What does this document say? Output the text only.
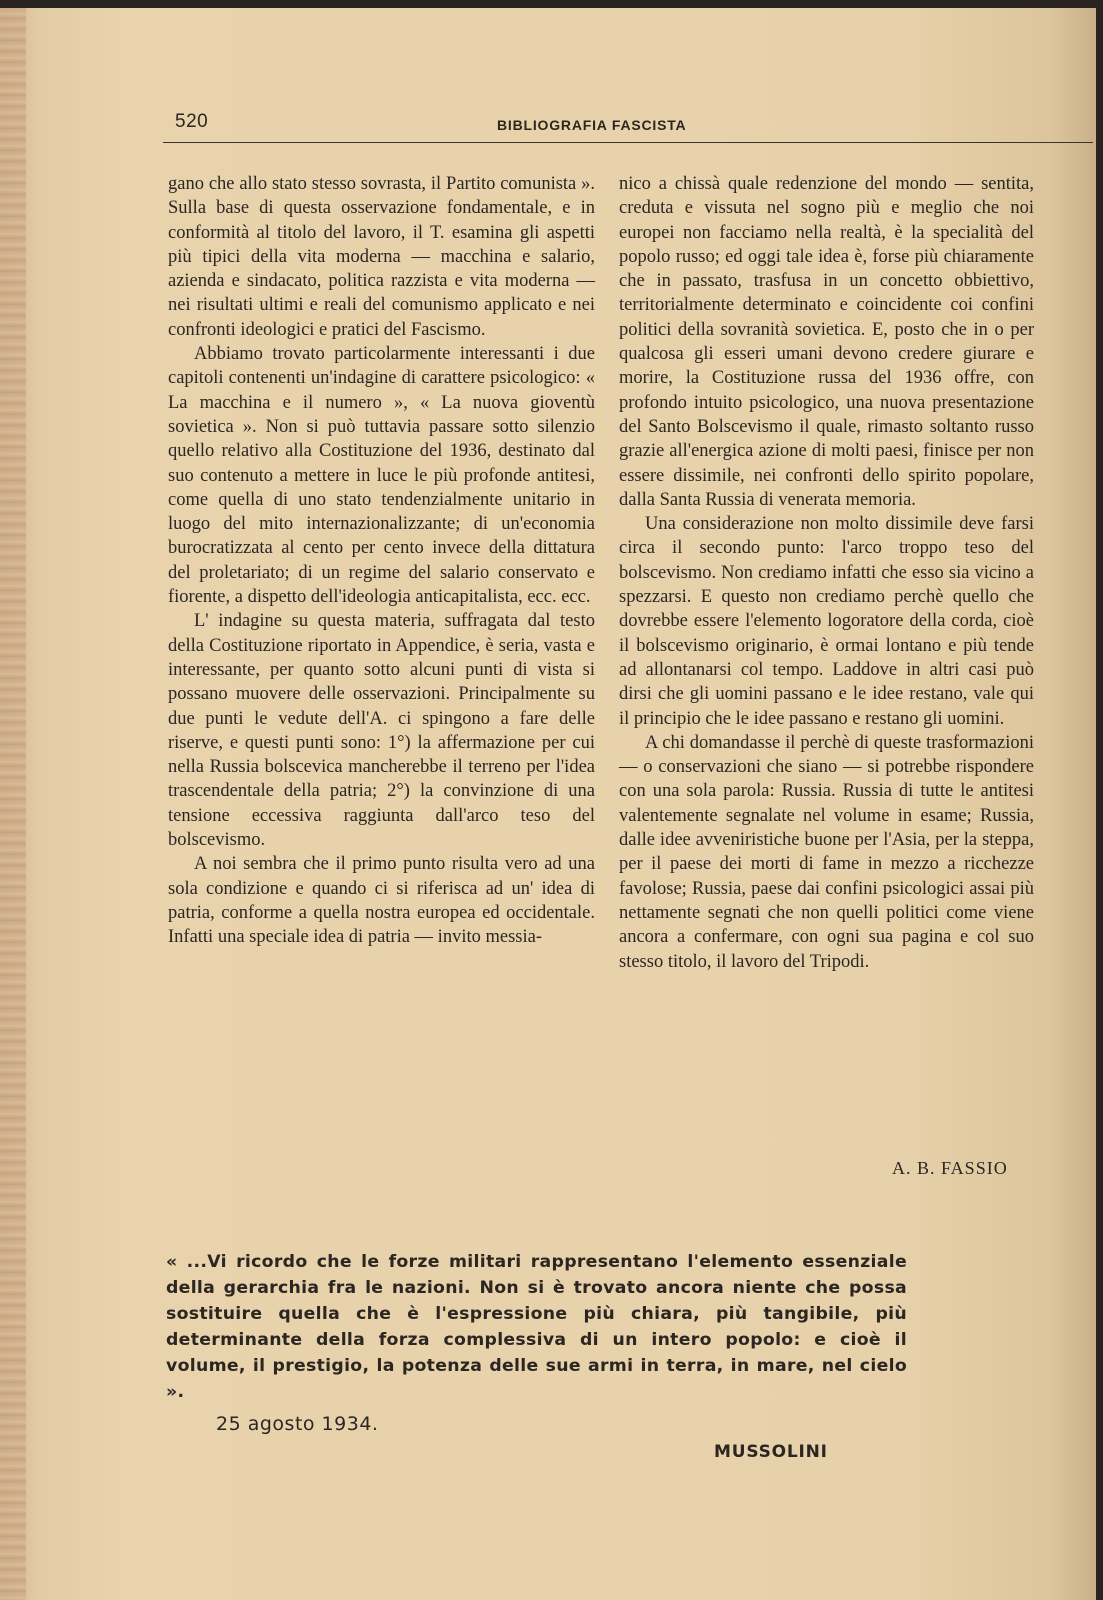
520	BIBLIOGRAFIA FASCISTA

gano che allo stato stesso sovrasta, il Partito comunista ». Sulla base di questa osservazione fondamentale, e in conformità al titolo del lavoro, il T. esamina gli aspetti più tipici della vita moderna — macchina e salario, azienda e sindacato, politica razzista e vita moderna — nei risultati ultimi e reali del comunismo applicato e nei confronti ideologici e pratici del Fascismo.

Abbiamo trovato particolarmente interessanti i due capitoli contenenti un'indagine di carattere psicologico: « La macchina e il numero », « La nuova gioventù sovietica ». Non si può tuttavia passare sotto silenzio quello relativo alla Costituzione del 1936, destinato dal suo contenuto a mettere in luce le più profonde antitesi, come quella di uno stato tendenzialmente unitario in luogo del mito internazionalizzante; di un'economia burocratizzata al cento per cento invece della dittatura del proletariato; di un regime del salario conservato e fiorente, a dispetto dell'ideologia anticapitalista, ecc. ecc.

L' indagine su questa materia, suffragata dal testo della Costituzione riportato in Appendice, è seria, vasta e interessante, per quanto sotto alcuni punti di vista si possano muovere delle osservazioni. Principalmente su due punti le vedute dell'A. ci spingono a fare delle riserve, e questi punti sono: 1°) la affermazione per cui nella Russia bolscevica mancherebbe il terreno per l'idea trascendentale della patria; 2°) la convinzione di una tensione eccessiva raggiunta dall'arco teso del bolscevismo.

A noi sembra che il primo punto risulta vero ad una sola condizione e quando ci si riferisca ad un' idea di patria, conforme a quella nostra europea ed occidentale. Infatti una speciale idea di patria — invito messia-

nico a chissà quale redenzione del mondo — sentita, creduta e vissuta nel sogno più e meglio che noi europei non facciamo nella realtà, è la specialità del popolo russo; ed oggi tale idea è, forse più chiaramente che in passato, trasfusa in un concetto obbiettivo, territorialmente determinato e coincidente coi confini politici della sovranità sovietica. E, posto che in o per qualcosa gli esseri umani devono credere giurare e morire, la Costituzione russa del 1936 offre, con profondo intuito psicologico, una nuova presentazione del Santo Bolscevismo il quale, rimasto soltanto russo grazie all'energica azione di molti paesi, finisce per non essere dissimile, nei confronti dello spirito popolare, dalla Santa Russia di venerata memoria.

Una considerazione non molto dissimile deve farsi circa il secondo punto: l'arco troppo teso del bolscevismo. Non crediamo infatti che esso sia vicino a spezzarsi. E questo non crediamo perchè quello che dovrebbe essere l'elemento logoratore della corda, cioè il bolscevismo originario, è ormai lontano e più tende ad allontanarsi col tempo. Laddove in altri casi può dirsi che gli uomini passano e le idee restano, vale qui il principio che le idee passano e restano gli uomini.

A chi domandasse il perchè di queste trasformazioni — o conservazioni che siano — si potrebbe rispondere con una sola parola: Russia. Russia di tutte le antitesi valentemente segnalate nel volume in esame; Russia, dalle idee avveniristiche buone per l'Asia, per la steppa, per il paese dei morti di fame in mezzo a ricchezze favolose; Russia, paese dai confini psicologici assai più nettamente segnati che non quelli politici come viene ancora a confermare, con ogni sua pagina e col suo stesso titolo, il lavoro del Tripodi.

A. B. FASSIO
« ...Vi ricordo che le forze militari rappresentano l'elemento essenziale della gerarchia fra le nazioni. Non si è trovato ancora niente che possa sostituire quella che è l'espressione più chiara, più tangibile, più determinante della forza complessiva di un intero popolo: e cioè il volume, il prestigio, la potenza delle sue armi in terra, in mare, nel cielo ».
25 agosto 1934.
MUSSOLINI
